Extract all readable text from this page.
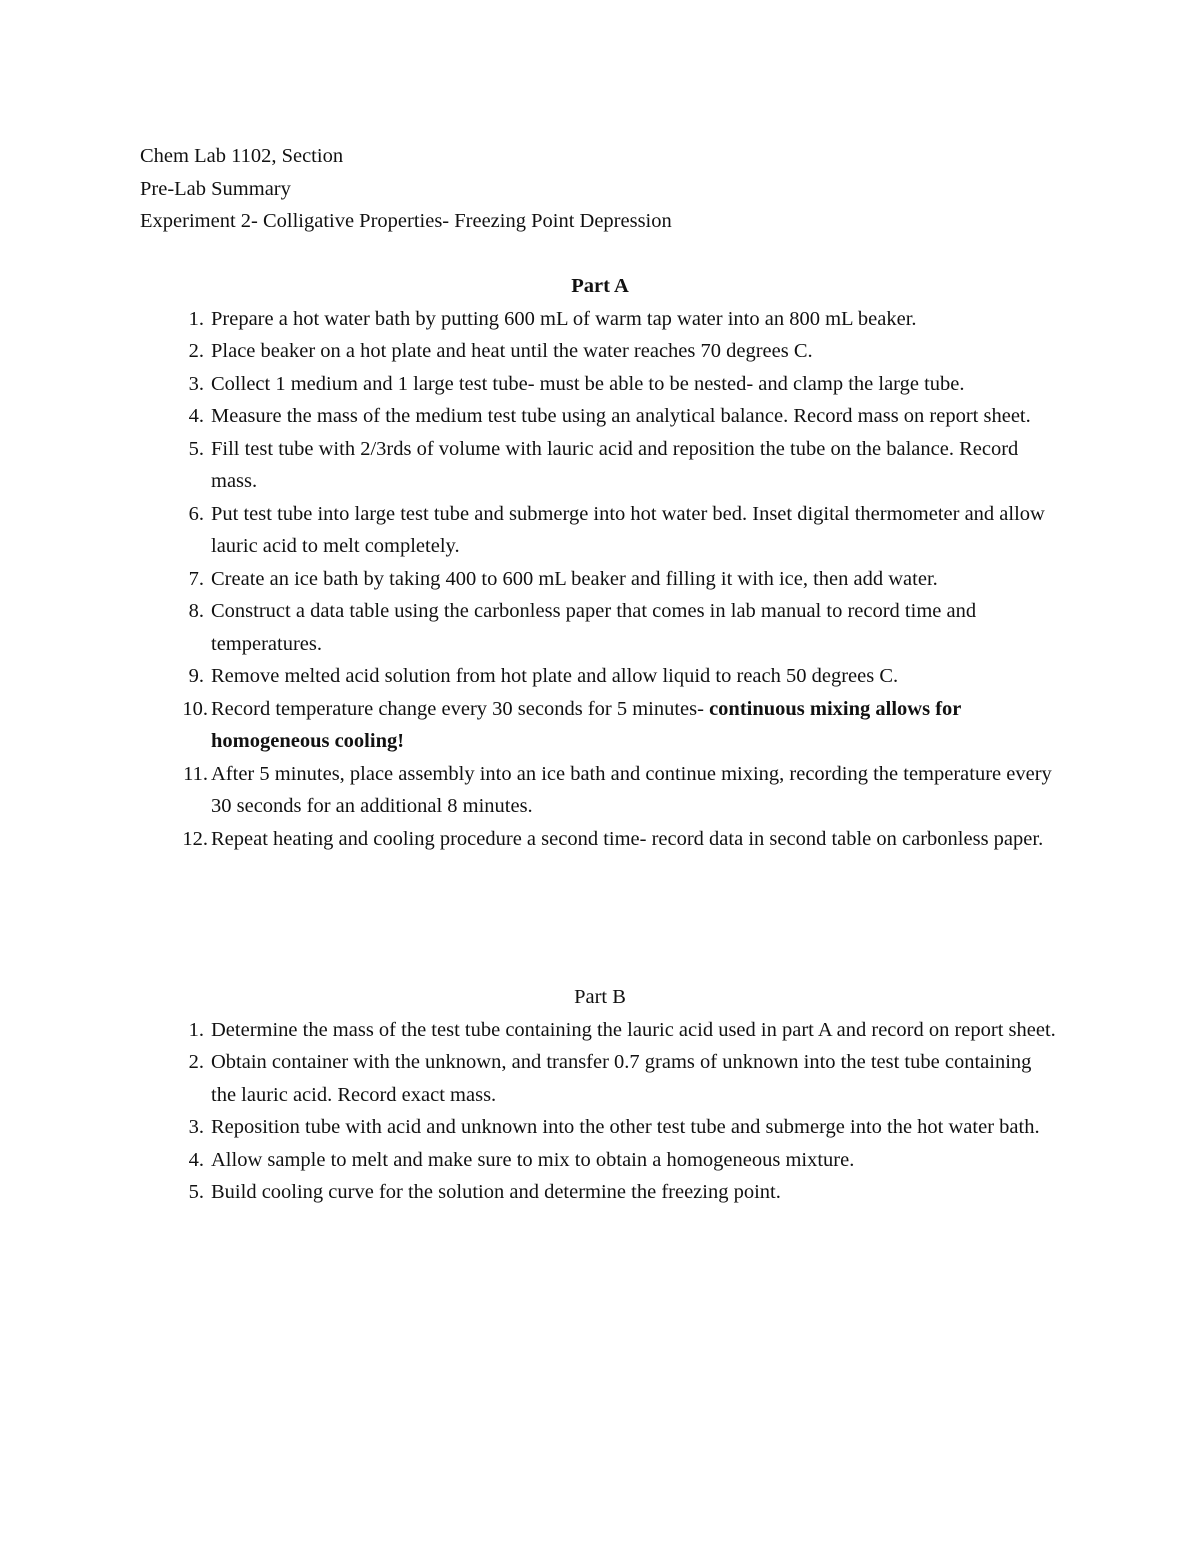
Chem Lab 1102, Section
Pre-Lab Summary
Experiment 2- Colligative Properties- Freezing Point Depression
Part A
1. Prepare a hot water bath by putting 600 mL of warm tap water into an 800 mL beaker.
2. Place beaker on a hot plate and heat until the water reaches 70 degrees C.
3. Collect 1 medium and 1 large test tube- must be able to be nested- and clamp the large tube.
4. Measure the mass of the medium test tube using an analytical balance. Record mass on report sheet.
5. Fill test tube with 2/3rds of volume with lauric acid and reposition the tube on the balance. Record mass.
6. Put test tube into large test tube and submerge into hot water bed. Inset digital thermometer and allow lauric acid to melt completely.
7. Create an ice bath by taking 400 to 600 mL beaker and filling it with ice, then add water.
8. Construct a data table using the carbonless paper that comes in lab manual to record time and temperatures.
9. Remove melted acid solution from hot plate and allow liquid to reach 50 degrees C.
10. Record temperature change every 30 seconds for 5 minutes- continuous mixing allows for homogeneous cooling!
11. After 5 minutes, place assembly into an ice bath and continue mixing, recording the temperature every 30 seconds for an additional 8 minutes.
12. Repeat heating and cooling procedure a second time- record data in second table on carbonless paper.
Part B
1. Determine the mass of the test tube containing the lauric acid used in part A and record on report sheet.
2. Obtain container with the unknown, and transfer 0.7 grams of unknown into the test tube containing the lauric acid. Record exact mass.
3. Reposition tube with acid and unknown into the other test tube and submerge into the hot water bath.
4. Allow sample to melt and make sure to mix to obtain a homogeneous mixture.
5. Build cooling curve for the solution and determine the freezing point.
